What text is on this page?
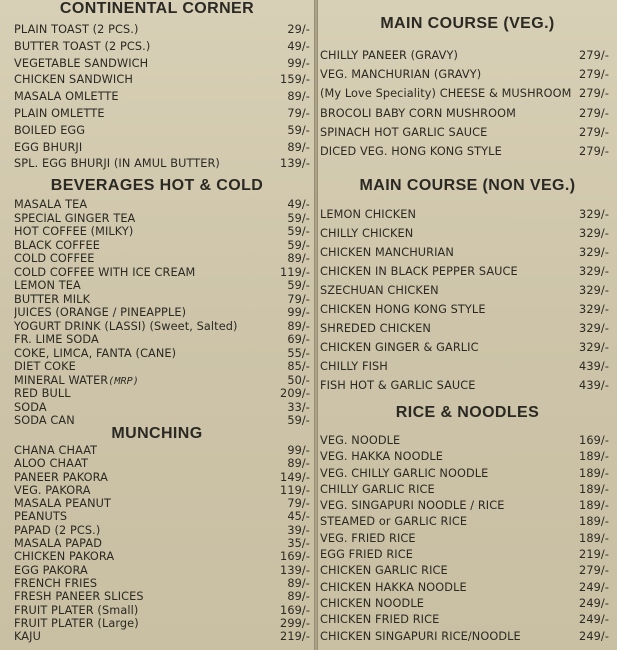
CONTINENTAL CORNER
PLAIN TOAST (2 PCS.)	29/-
BUTTER TOAST (2 PCS.)	49/-
VEGETABLE SANDWICH	99/-
CHICKEN SANDWICH	159/-
MASALA OMLETTE	89/-
PLAIN OMLETTE	79/-
BOILED EGG	59/-
EGG BHURJI	89/-
SPL. EGG BHURJI (IN AMUL BUTTER)	139/-
BEVERAGES HOT & COLD
MASALA TEA	49/-
SPECIAL GINGER TEA	59/-
HOT COFFEE (MILKY)	59/-
BLACK COFFEE	59/-
COLD COFFEE	89/-
COLD COFFEE WITH ICE CREAM	119/-
LEMON TEA	59/-
BUTTER MILK	79/-
JUICES (ORANGE / PINEAPPLE)	99/-
YOGURT DRINK (LASSI) (Sweet, Salted)	89/-
FR. LIME SODA	69/-
COKE, LIMCA, FANTA (CANE)	55/-
DIET COKE	85/-
MINERAL WATER(MRP)	50/-
RED BULL	209/-
SODA	33/-
SODA CAN	59/-
MUNCHING
CHANA CHAAT	99/-
ALOO CHAAT	89/-
PANEER PAKORA	149/-
VEG. PAKORA	119/-
MASALA PEANUT	79/-
PEANUTS	45/-
PAPAD (2 PCS.)	39/-
MASALA PAPAD	35/-
CHICKEN PAKORA	169/-
EGG PAKORA	139/-
FRENCH FRIES	89/-
FRESH PANEER SLICES	89/-
FRUIT PLATER (Small)	169/-
FRUIT PLATER (Large)	299/-
KAJU	219/-
MAIN COURSE (VEG.)
CHILLY PANEER (GRAVY)	279/-
VEG. MANCHURIAN (GRAVY)	279/-
(My Love Speciality) CHEESE & MUSHROOM 279/-
BROCOLI BABY CORN MUSHROOM	279/-
SPINACH HOT GARLIC SAUCE	279/-
DICED VEG. HONG KONG STYLE	279/-
MAIN COURSE (NON VEG.)
LEMON CHICKEN	329/-
CHILLY CHICKEN	329/-
CHICKEN MANCHURIAN	329/-
CHICKEN IN BLACK PEPPER SAUCE	329/-
SZECHUAN CHICKEN	329/-
CHICKEN HONG KONG STYLE	329/-
SHREDED CHICKEN	329/-
CHICKEN GINGER & GARLIC	329/-
CHILLY FISH	439/-
FISH HOT & GARLIC SAUCE	439/-
RICE & NOODLES
VEG. NOODLE	169/-
VEG. HAKKA NOODLE	189/-
VEG. CHILLY GARLIC NOODLE	189/-
CHILLY GARLIC RICE	189/-
VEG. SINGAPURI NOODLE / RICE	189/-
STEAMED or GARLIC RICE	189/-
VEG. FRIED RICE	189/-
EGG FRIED RICE	219/-
CHICKEN GARLIC RICE	279/-
CHICKEN HAKKA NOODLE	249/-
CHICKEN NOODLE	249/-
CHICKEN FRIED RICE	249/-
CHICKEN SINGAPURI RICE/NOODLE	249/-
